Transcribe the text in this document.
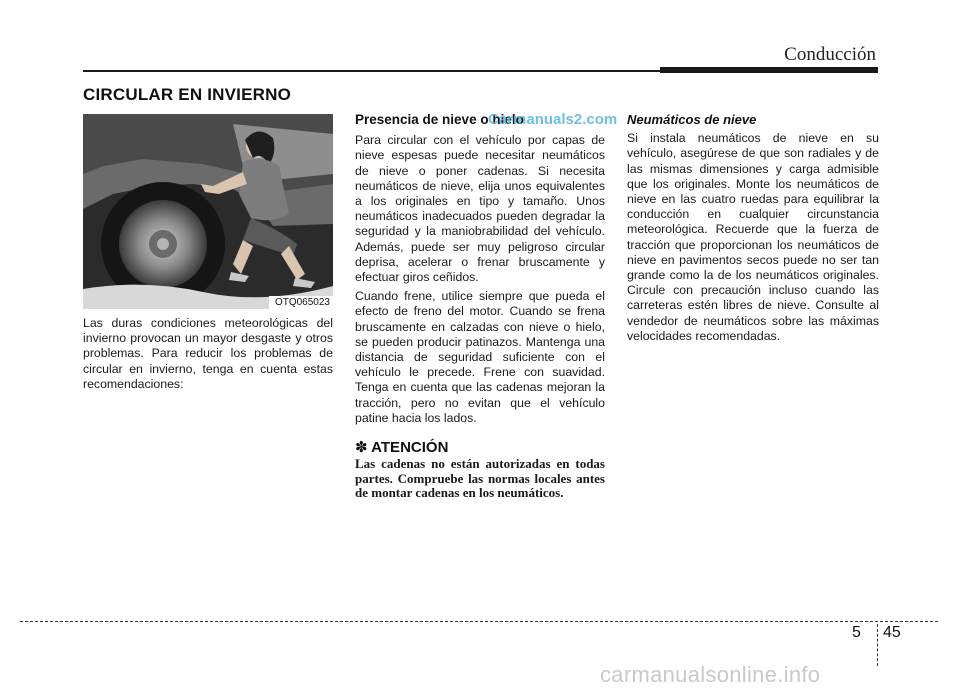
Conducción
CIRCULAR EN INVIERNO
OTQ065023

Las duras condiciones meteorológicas del invierno provocan un mayor desgaste y otros problemas. Para reducir los problemas de circular en invierno, tenga en cuenta estas recomendaciones:

Presencia de nieve o hielo

Para circular con el vehículo por capas de nieve espesas puede necesitar neumáticos de nieve o poner cadenas. Si necesita neumáticos de nieve, elija unos equivalentes a los originales en tipo y tamaño. Unos neumáticos inadecuados pueden degradar la seguridad y la maniobrabilidad del vehículo. Además, puede ser muy peligroso circular deprisa, acelerar o frenar bruscamente y efectuar giros ceñidos.

Cuando frene, utilice siempre que pueda el efecto de freno del motor. Cuando se frena bruscamente en calzadas con nieve o hielo, se pueden producir patinazos. Mantenga una distancia de seguridad suficiente con el vehículo le precede. Frene con suavidad. Tenga en cuenta que las cadenas mejoran la tracción, pero no evitan que el vehículo patine hacia los lados.

✽ ATENCIÓN
Las cadenas no están autorizadas en todas partes. Compruebe las normas locales antes de montar cadenas en los neumáticos.
Neumáticos de nieve

Si instala neumáticos de nieve en su vehículo, asegúrese de que son radiales y de las mismas dimensiones y carga admisible que los originales. Monte los neumáticos de nieve en las cuatro ruedas para equilibrar la conducción en cualquier circunstancia meteorológica. Recuerde que la fuerza de tracción que proporcionan los neumáticos de nieve en pavimentos secos puede no ser tan grande como la de los neumáticos originales. Circule con precaución incluso cuando las carreteras estén libres de nieve. Consulte al vendedor de neumáticos sobre las máximas velocidades recomendadas.

Carmanuals2.com
5 45
carmanualsonline.info
